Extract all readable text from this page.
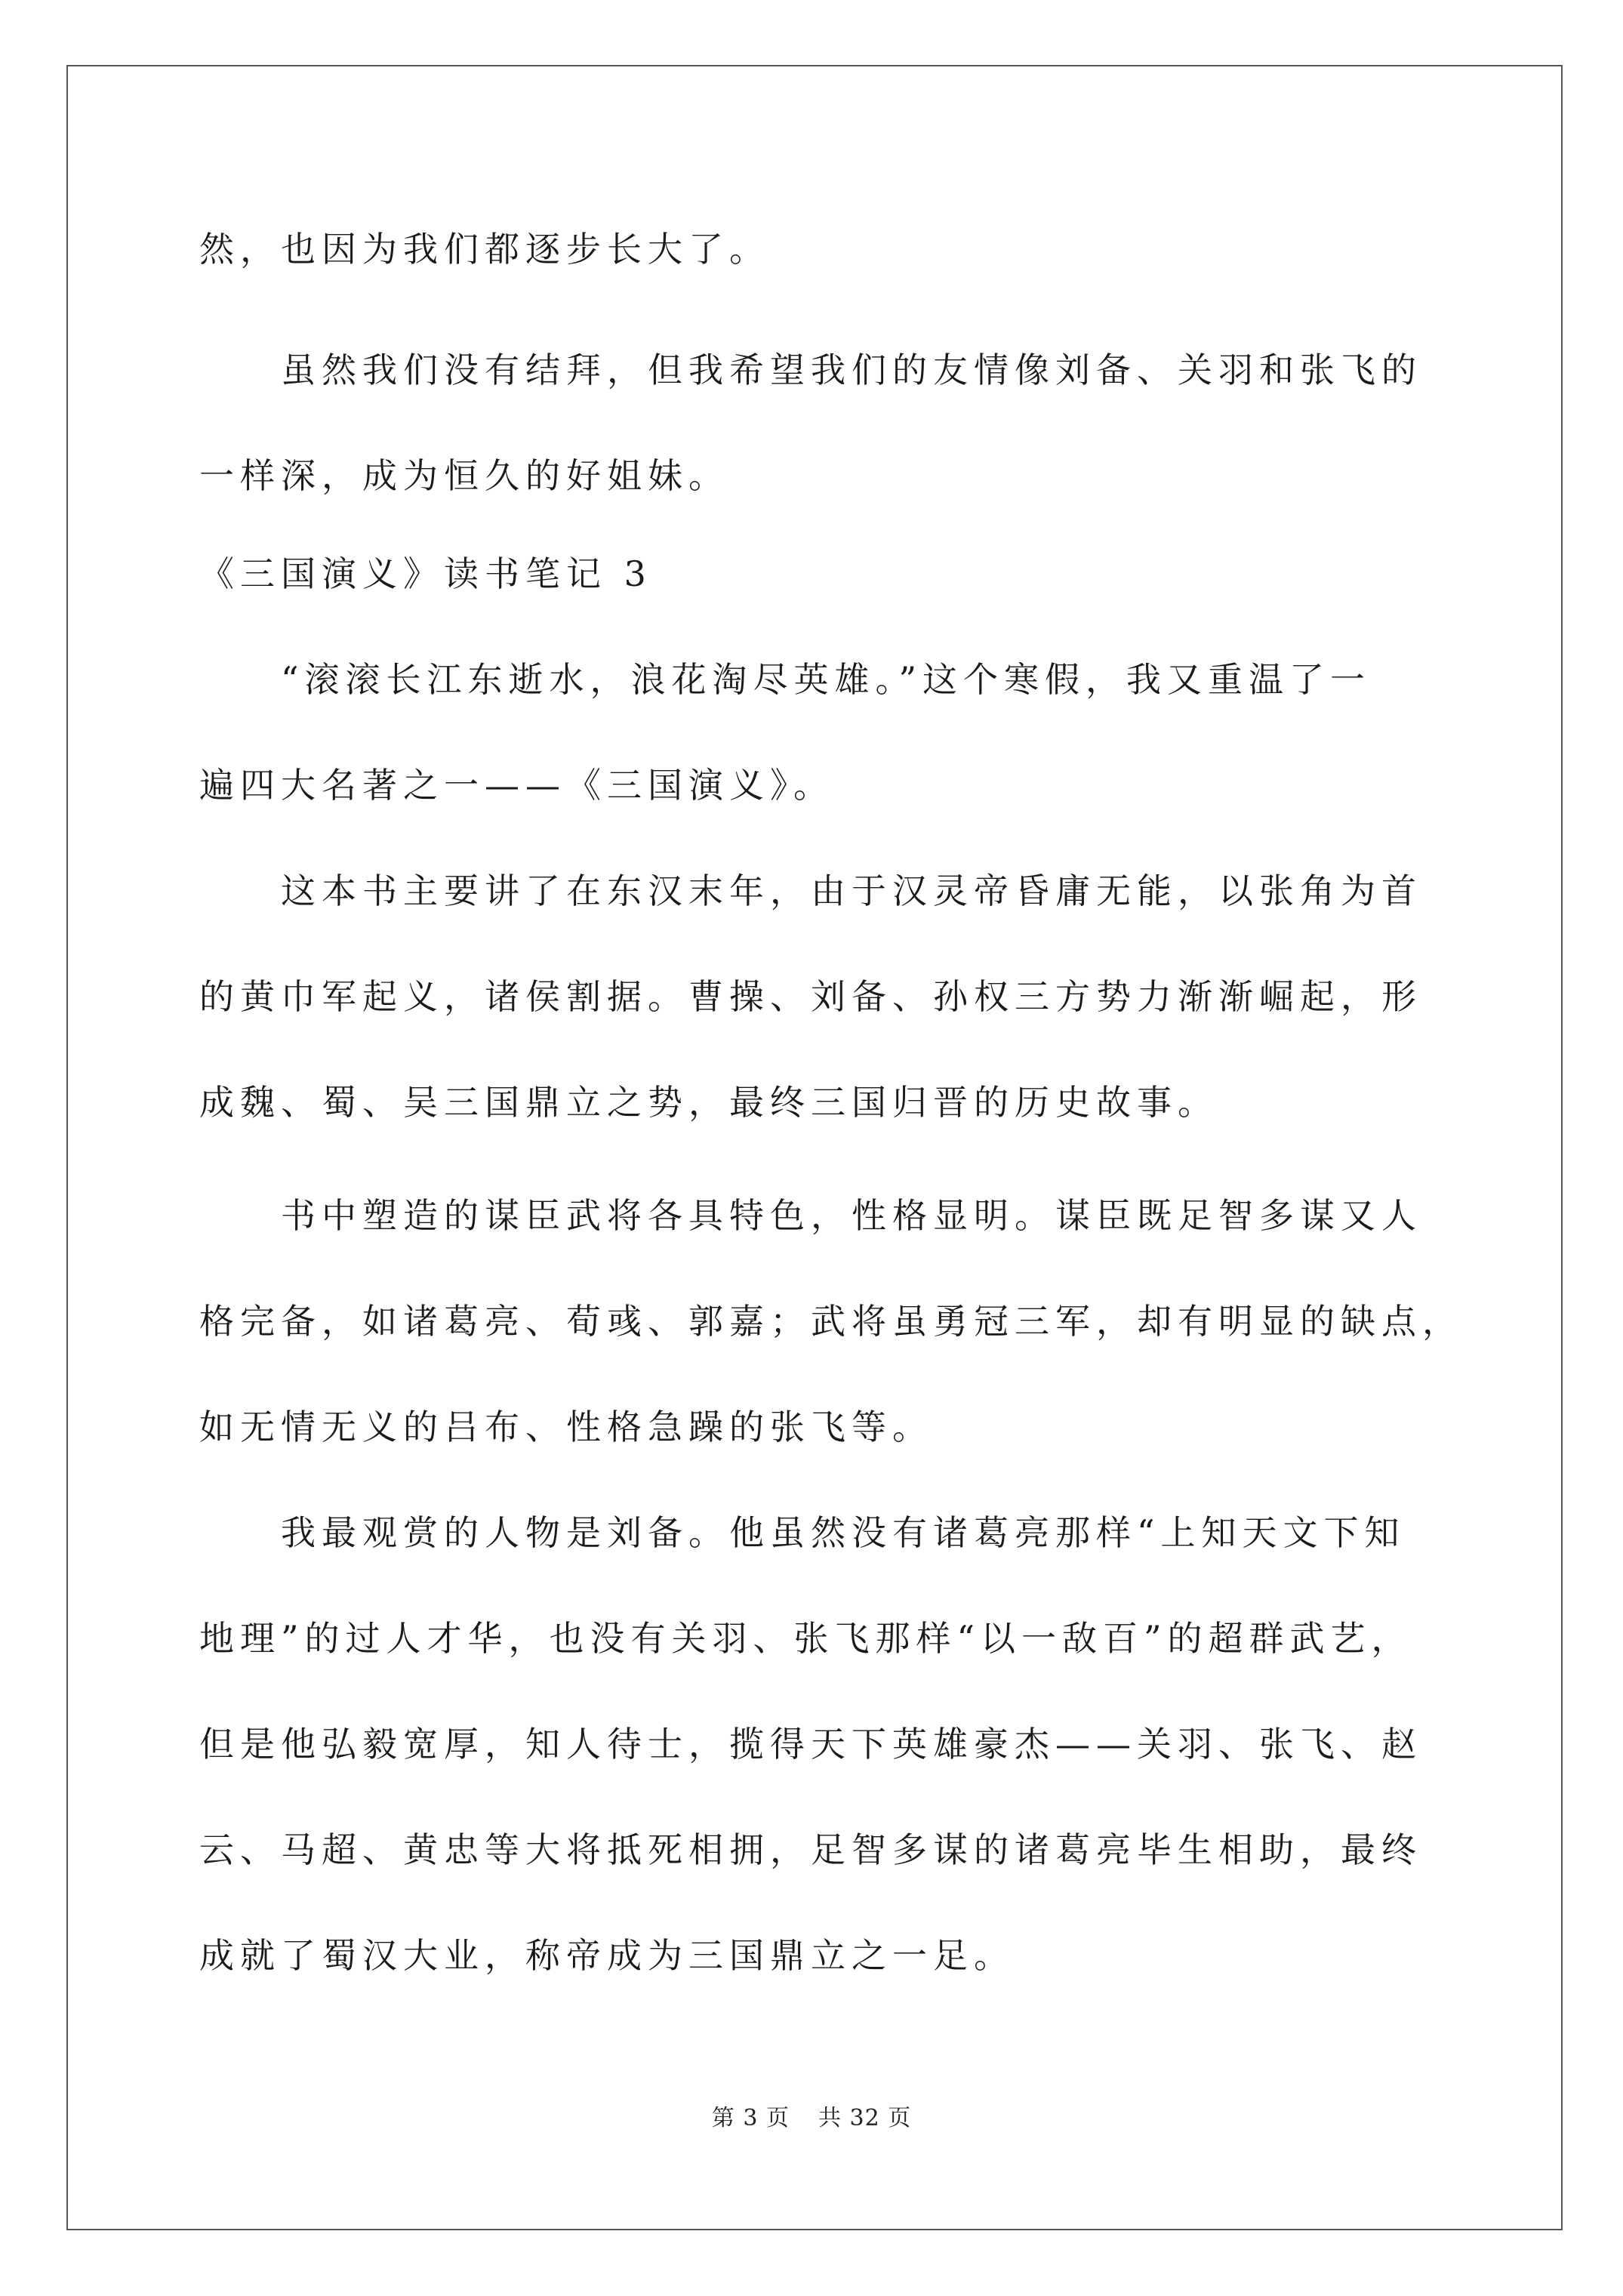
然，也因为我们都逐步长大了。
　　虽然我们没有结拜，但我希望我们的友情像刘备、关羽和张飞的
一样深，成为恒久的好姐妹。
《三国演义》读书笔记 3
　　“滚滚长江东逝水，浪花淘尽英雄。”这个寒假，我又重温了一
遍四大名著之一——《三国演义》。
　　这本书主要讲了在东汉末年，由于汉灵帝昏庸无能，以张角为首
的黄巾军起义，诸侯割据。曹操、刘备、孙权三方势力渐渐崛起，形
成魏、蜀、吴三国鼎立之势，最终三国归晋的历史故事。
　　书中塑造的谋臣武将各具特色，性格显明。谋臣既足智多谋又人
格完备，如诸葛亮、荀彧、郭嘉；武将虽勇冠三军，却有明显的缺点，
如无情无义的吕布、性格急躁的张飞等。
　　我最观赏的人物是刘备。他虽然没有诸葛亮那样“上知天文下知
地理”的过人才华，也没有关羽、张飞那样“以一敌百”的超群武艺，
但是他弘毅宽厚，知人待士，揽得天下英雄豪杰——关羽、张飞、赵
云、马超、黄忠等大将抵死相拥，足智多谋的诸葛亮毕生相助，最终
成就了蜀汉大业，称帝成为三国鼎立之一足。
第 3 页 共 32 页
